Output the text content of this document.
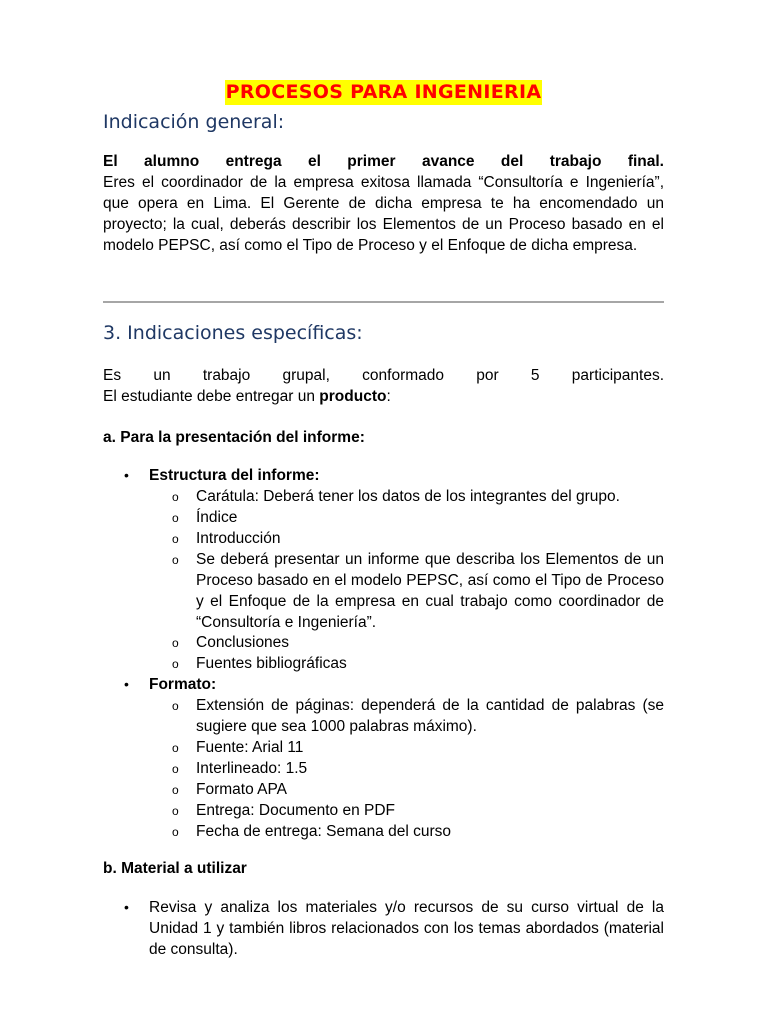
PROCESOS PARA INGENIERIA
Indicación general:
El alumno entrega el primer avance del trabajo final.
Eres el coordinador de la empresa exitosa llamada “Consultoría e Ingeniería”, que opera en Lima. El Gerente de dicha empresa te ha encomendado un proyecto; la cual, deberás describir los Elementos de un Proceso basado en el modelo PEPSC, así como el Tipo de Proceso y el Enfoque de dicha empresa.
3. Indicaciones específicas:
Es un trabajo grupal, conformado por 5 participantes.
El estudiante debe entregar un producto:
a. Para la presentación del informe:
• Estructura del informe:
o Carátula: Deberá tener los datos de los integrantes del grupo.
o Índice
o Introducción
o Se deberá presentar un informe que describa los Elementos de un Proceso basado en el modelo PEPSC, así como el Tipo de Proceso y el Enfoque de la empresa en cual trabajo como coordinador de “Consultoría e Ingeniería”.
o Conclusiones
o Fuentes bibliográficas
• Formato:
o Extensión de páginas: dependerá de la cantidad de palabras (se sugiere que sea 1000 palabras máximo).
o Fuente: Arial 11
o Interlineado: 1.5
o Formato APA
o Entrega: Documento en PDF
o Fecha de entrega: Semana del curso
b. Material a utilizar
• Revisa y analiza los materiales y/o recursos de su curso virtual de la Unidad 1 y también libros relacionados con los temas abordados (material de consulta).
